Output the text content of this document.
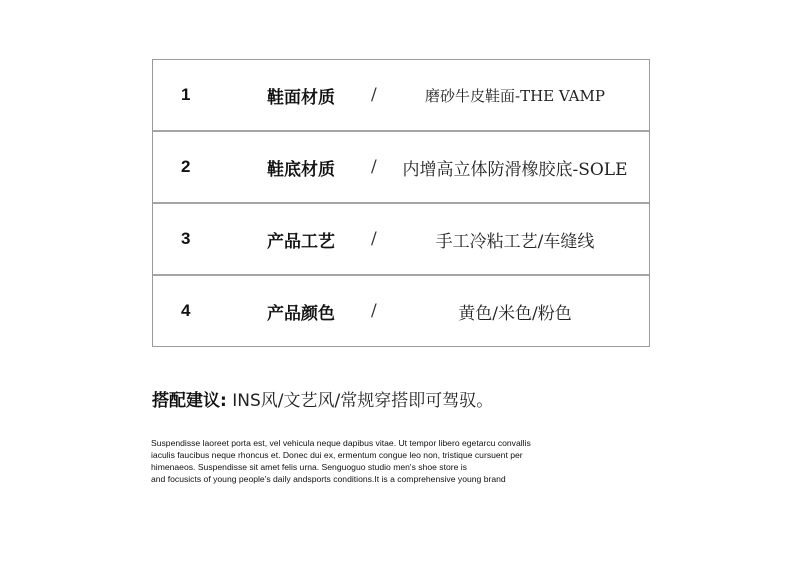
1	鞋面材质 /	磨砂牛皮鞋面-THE VAMP
2	鞋底材质 /	内增高立体防滑橡胶底-SOLE
3	产品工艺 /	手工冷粘工艺/车缝线
4	产品颜色 /	黄色/米色/粉色
搭配建议: INS风/文艺风/常规穿搭即可驾驭。
Suspendisse laoreet porta est, vel vehicula neque dapibus vitae. Ut tempor libero egetarcu convallis
iaculis faucibus neque rhoncus et. Donec dui ex, ermentum congue leo non, tristique cursuent per
himenaeos. Suspendisse sit amet felis urna. Senguoguo studio men's shoe store is
and focusicts of young people's daily andsports conditions.It is a comprehensive young brand
